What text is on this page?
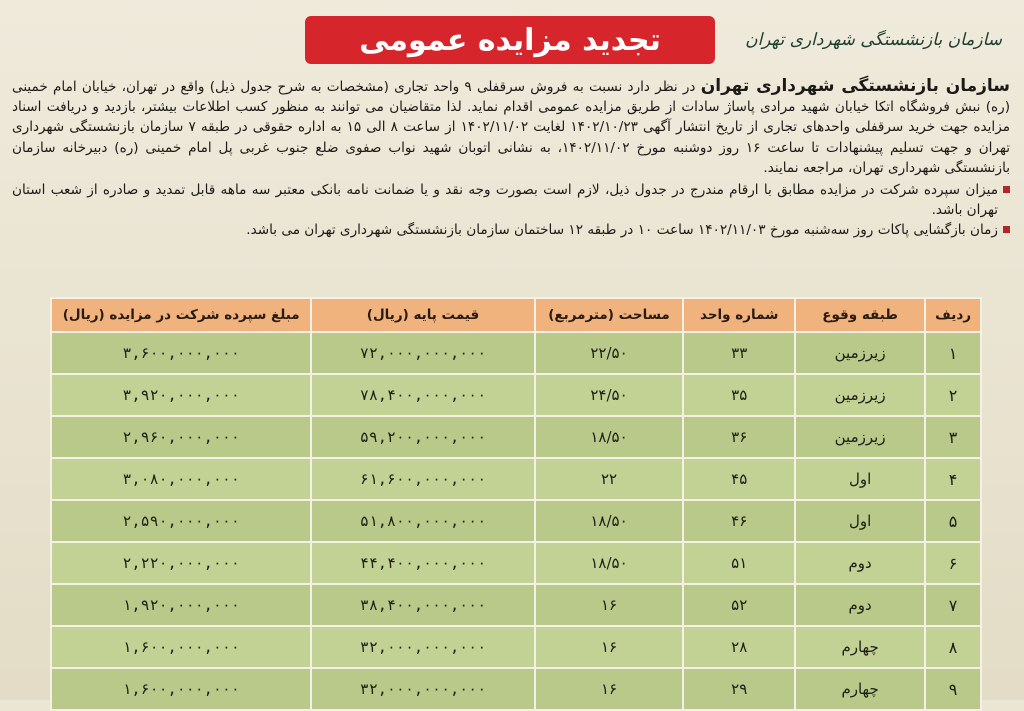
تجدید مزایده عمومی	سازمان بازنشستگی شهرداری تهران

سازمان بازنشستگی شهرداری تهران در نظر دارد نسبت به فروش سرقفلی ۹ واحد تجاری (مشخصات به شرح جدول ذیل) واقع در تهران، خیابان امام خمینی (ره) نبش فروشگاه اتکا خیابان شهید مرادی پاساژ سادات از طریق مزایده عمومی اقدام نماید. لذا متقاضیان می توانند به منظور کسب اطلاعات بیشتر، بازدید و دریافت اسناد مزایده جهت خرید سرقفلی واحدهای تجاری از تاریخ انتشار آگهی ۱۴۰۲/۱۰/۲۳ لغایت ۱۴۰۲/۱۱/۰۲ از ساعت ۸ الی ۱۵ به اداره حقوقی در طبقه ۷ سازمان بازنشستگی شهرداری تهران و جهت تسلیم پیشنهادات تا ساعت ۱۶ روز دوشنبه مورخ ۱۴۰۲/۱۱/۰۲، به نشانی اتوبان شهید نواب صفوی ضلع جنوب غربی پل امام خمینی (ره) دبیرخانه سازمان بازنشستگی شهرداری تهران، مراجعه نمایند.

میزان سپرده شرکت در مزایده مطابق با ارقام مندرج در جدول ذیل، لازم است بصورت وجه نقد و یا ضمانت نامه بانکی معتبر سه ماهه قابل تمدید و صادره از شعب استان تهران باشد.

زمان بازگشایی پاکات روز سه‌شنبه مورخ ۱۴۰۲/۱۱/۰۳ ساعت ۱۰ در طبقه ۱۲ ساختمان سازمان بازنشستگی شهرداری تهران می باشد.

ردیف	طبقه وقوع	شماره واحد	مساحت (مترمربع)	قیمت پایه (ریال)	مبلغ سپرده شرکت در مزایده (ریال)
۱	زیرزمین	۳۳	۲۲/۵۰	۷۲,۰۰۰,۰۰۰,۰۰۰	۳,۶۰۰,۰۰۰,۰۰۰
۲	زیرزمین	۳۵	۲۴/۵۰	۷۸,۴۰۰,۰۰۰,۰۰۰	۳,۹۲۰,۰۰۰,۰۰۰
۳	زیرزمین	۳۶	۱۸/۵۰	۵۹,۲۰۰,۰۰۰,۰۰۰	۲,۹۶۰,۰۰۰,۰۰۰
۴	اول	۴۵	۲۲	۶۱,۶۰۰,۰۰۰,۰۰۰	۳,۰۸۰,۰۰۰,۰۰۰
۵	اول	۴۶	۱۸/۵۰	۵۱,۸۰۰,۰۰۰,۰۰۰	۲,۵۹۰,۰۰۰,۰۰۰
۶	دوم	۵۱	۱۸/۵۰	۴۴,۴۰۰,۰۰۰,۰۰۰	۲,۲۲۰,۰۰۰,۰۰۰
۷	دوم	۵۲	۱۶	۳۸,۴۰۰,۰۰۰,۰۰۰	۱,۹۲۰,۰۰۰,۰۰۰
۸	چهارم	۲۸	۱۶	۳۲,۰۰۰,۰۰۰,۰۰۰	۱,۶۰۰,۰۰۰,۰۰۰
۹	چهارم	۲۹	۱۶	۳۲,۰۰۰,۰۰۰,۰۰۰	۱,۶۰۰,۰۰۰,۰۰۰
